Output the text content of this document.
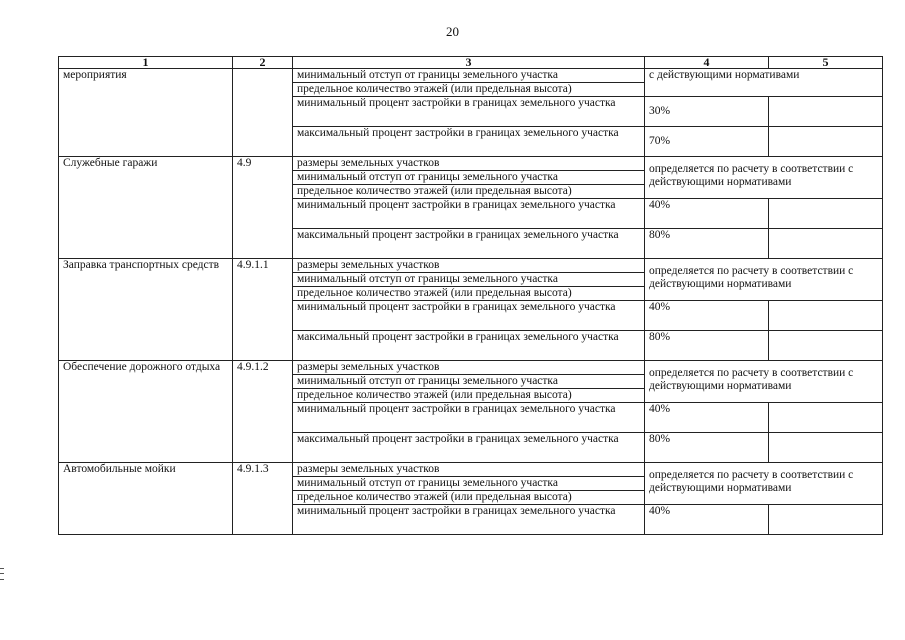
20
1	2	3	4	5
мероприятия		минимальный отступ от границы земельного участка	с действующими нормативами	
		предельное количество этажей (или предельная высота)		
		минимальный процент застройки в границах земельного участка	30%	
		максимальный процент застройки в границах земельного участка	70%	
Служебные гаражи	4.9	размеры земельных участков	определяется по расчету в соответствии с действующими нормативами	
		минимальный отступ от границы земельного участка		
		предельное количество этажей (или предельная высота)		
		минимальный процент застройки в границах земельного участка	40%	
		максимальный процент застройки в границах земельного участка	80%	
Заправка транспортных средств	4.9.1.1	размеры земельных участков	определяется по расчету в соответствии с действующими нормативами	
		минимальный отступ от границы земельного участка		
		предельное количество этажей (или предельная высота)		
		минимальный процент застройки в границах земельного участка	40%	
		максимальный процент застройки в границах земельного участка	80%	
Обеспечение дорожного отдыха	4.9.1.2	размеры земельных участков	определяется по расчету в соответствии с действующими нормативами	
		минимальный отступ от границы земельного участка		
		предельное количество этажей (или предельная высота)		
		минимальный процент застройки в границах земельного участка	40%	
		максимальный процент застройки в границах земельного участка	80%	
Автомобильные мойки	4.9.1.3	размеры земельных участков	определяется по расчету в соответствии с действующими нормативами	
		минимальный отступ от границы земельного участка		
		предельное количество этажей (или предельная высота)		
		минимальный процент застройки в границах земельного участка	40%	
